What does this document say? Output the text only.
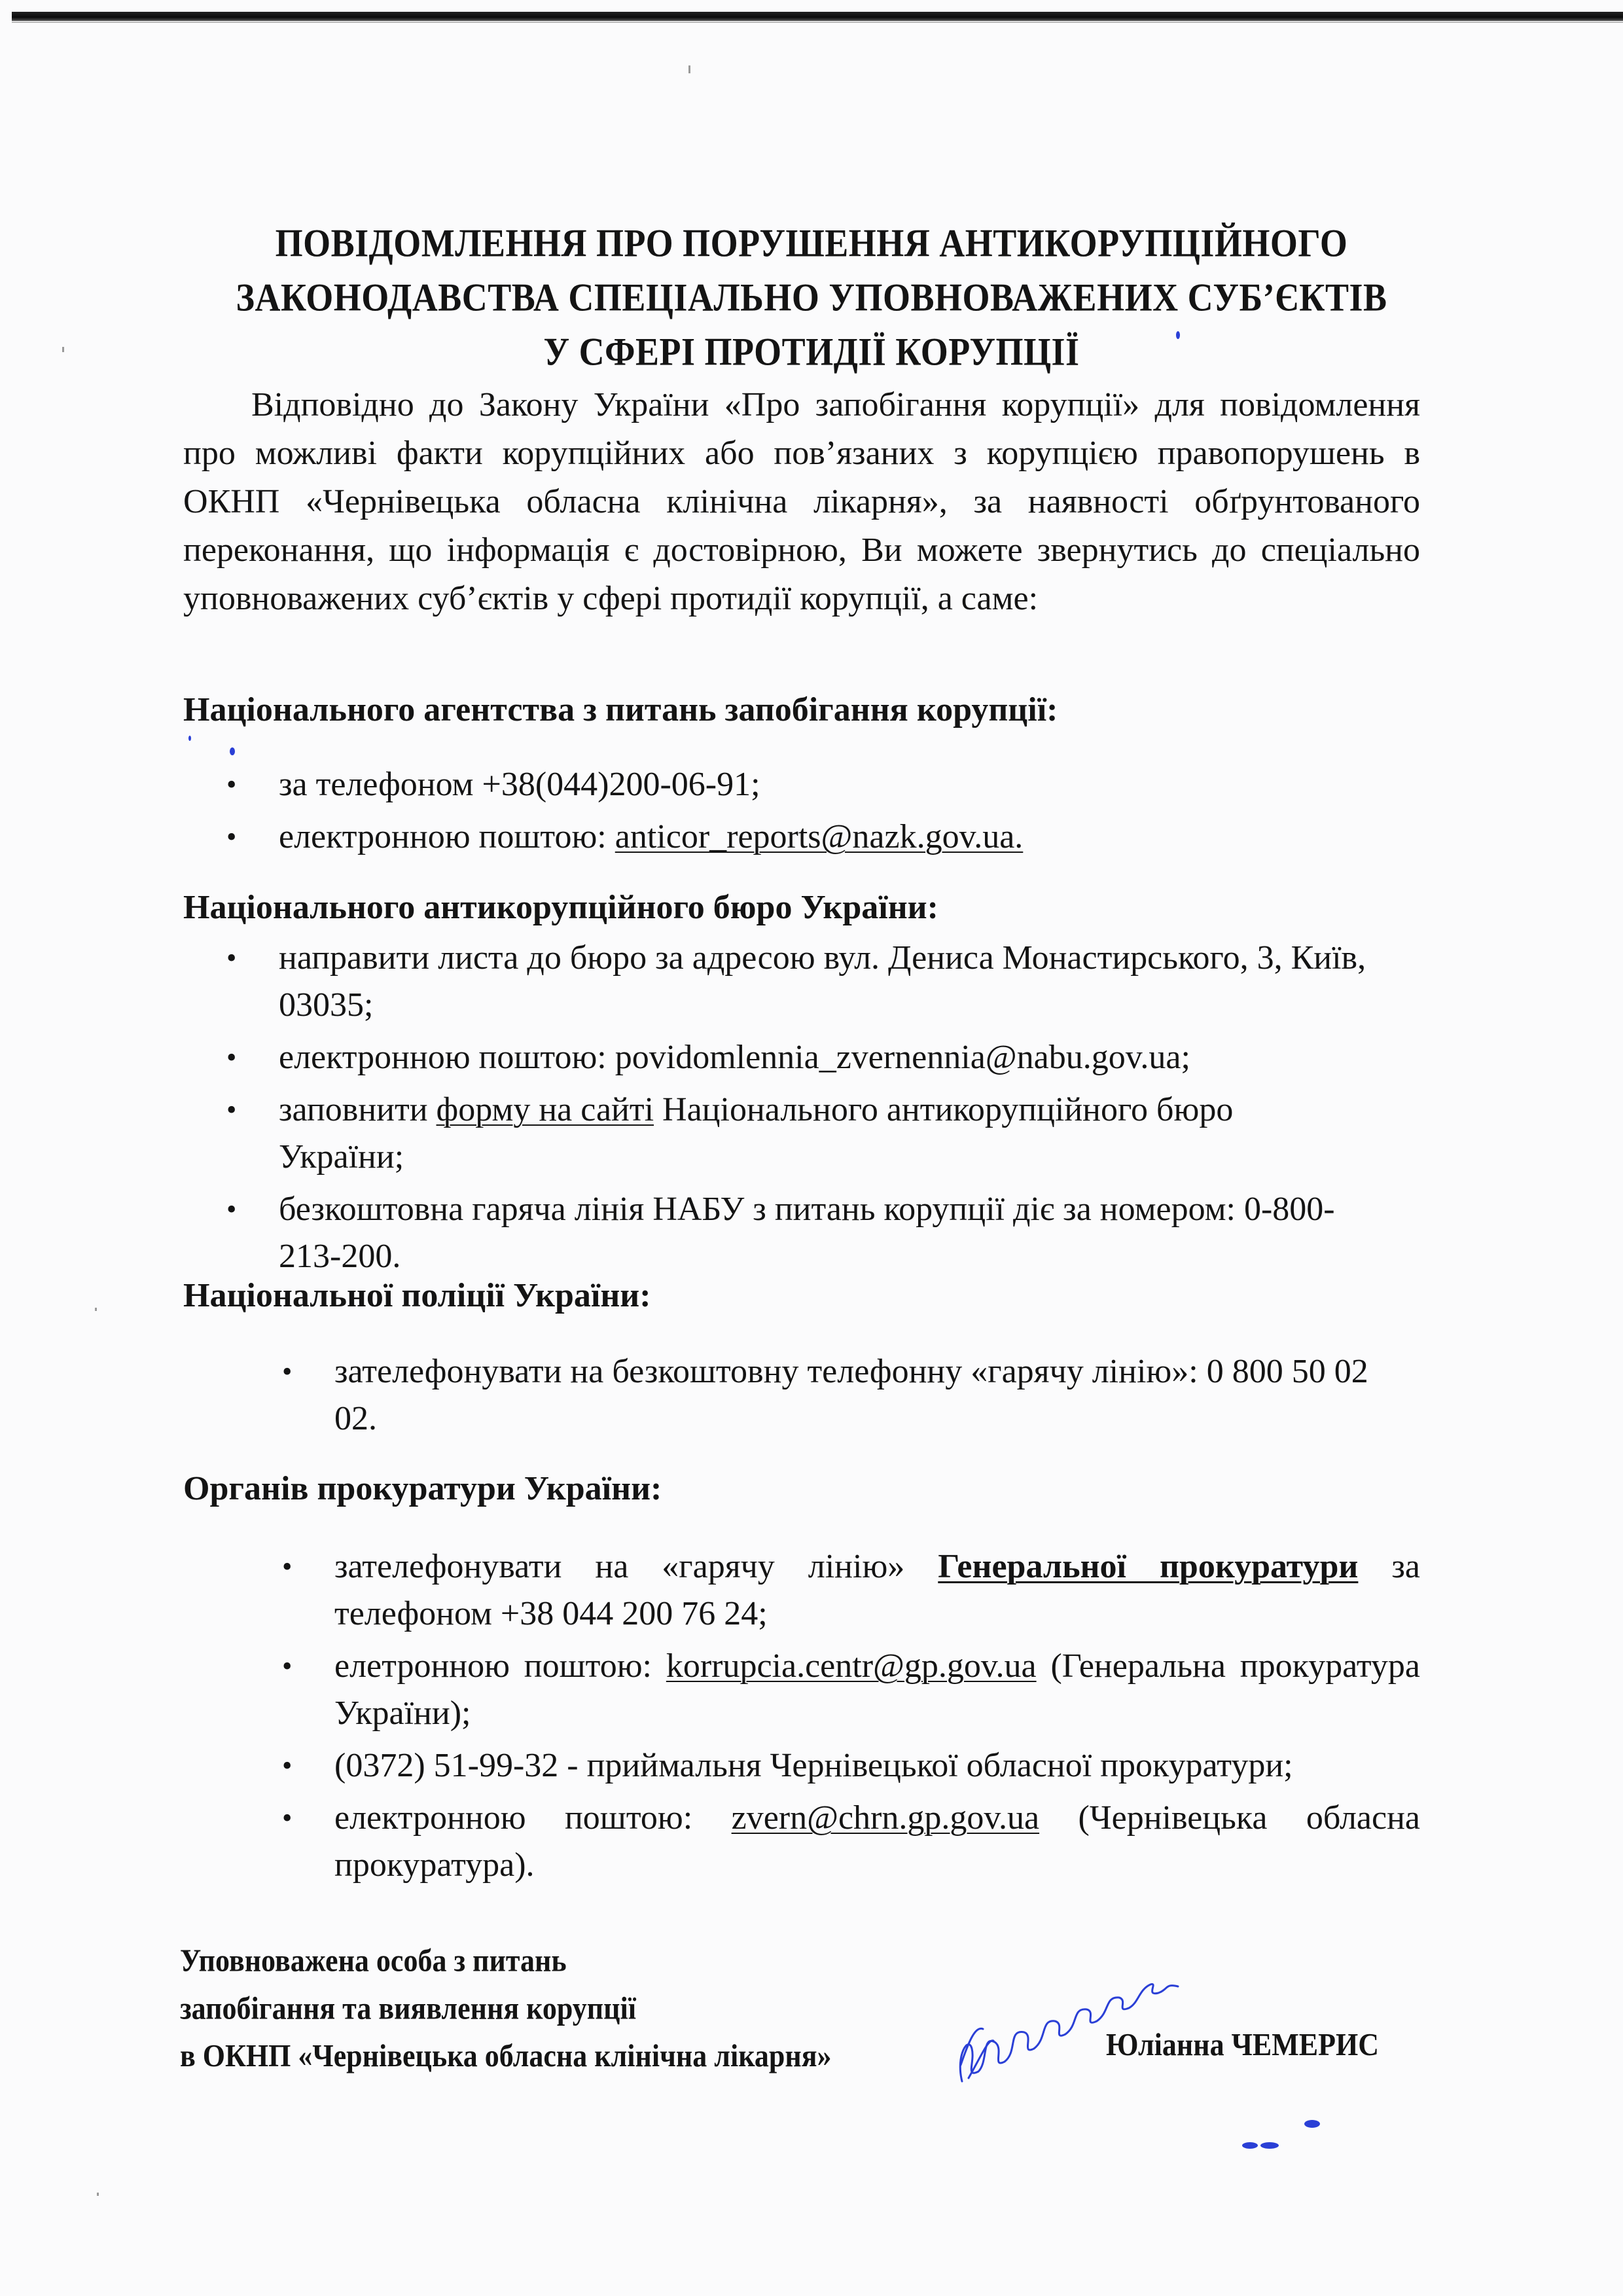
ПОВІДОМЛЕННЯ ПРО ПОРУШЕННЯ АНТИКОРУПЦІЙНОГО
ЗАКОНОДАВСТВА СПЕЦІАЛЬНО УПОВНОВАЖЕНИХ СУБ’ЄКТІВ
У СФЕРІ ПРОТИДІЇ КОРУПЦІЇ

Відповідно до Закону України «Про запобігання корупції» для повідомлення про можливі факти корупційних або пов’язаних з корупцією правопорушень в ОКНП «Чернівецька обласна клінічна лікарня», за наявності обґрунтованого переконання, що інформація є достовірною, Ви можете звернутись до спеціально уповноважених суб’єктів у сфері протидії корупції, а саме:

Національного агентства з питань запобігання корупції:
• за телефоном +38(044)200-06-91;
• електронною поштою: anticor_reports@nazk.gov.ua.
Національного антикорупційного бюро України:
• направити листа до бюро за адресою вул. Дениса Монастирського, 3, Київ, 03035;
• електронною поштою: povidomlennia_zvernennia@nabu.gov.ua;
• заповнити форму на сайті Національного антикорупційного бюро України;
• безкоштовна гаряча лінія НАБУ з питань корупції діє за номером: 0-800-213-200.
Національної поліції України:
• зателефонувати на безкоштовну телефонну «гарячу лінію»: 0 800 50 02 02.
Органів прокуратури України:
• зателефонувати на «гарячу лінію» Генеральної прокуратури за телефоном +38 044 200 76 24;
• елетронною поштою: korrupcia.centr@gp.gov.ua (Генеральна прокуратура України);
• (0372) 51-99-32 - приймальня Чернівецької обласної прокуратури;
• електронною поштою: zvern@chrn.gp.gov.ua (Чернівецька обласна прокуратура).
Уповноважена особа з питань
запобігання та виявлення корупції
в ОКНП «Чернівецька обласна клінічна лікарня»	Юліанна ЧЕМЕРИС
